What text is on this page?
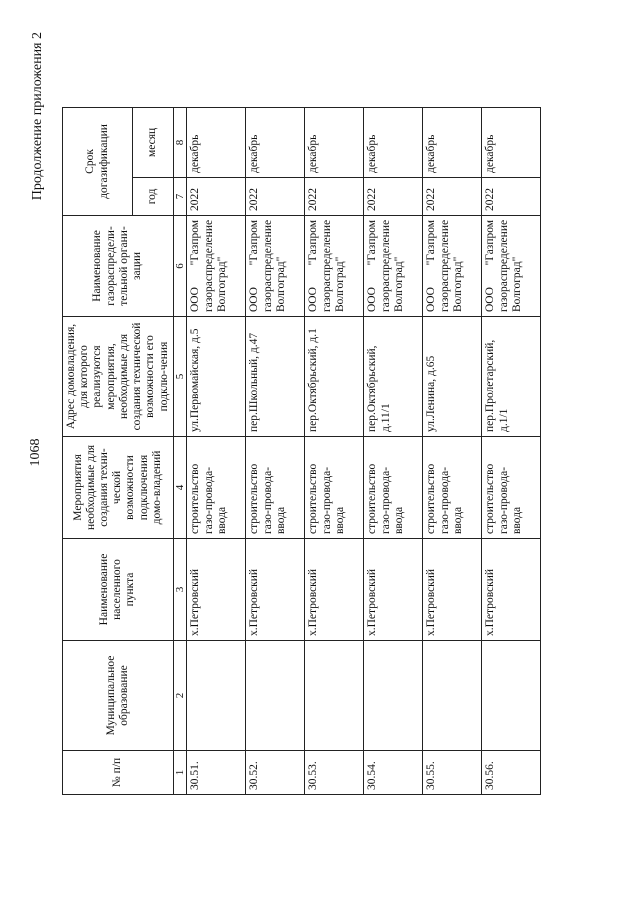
1068
Продолжение приложения 2
№ п/п	Муниципальное образование	Наименование населенного пункта	Мероприятия необходимые для создания техни-ческой возможности подключения домо-владений	Адрес домовладения, для которого реализуются мероприятия, необходимые для создания технической возможности его подклю-чения	Наименование газораспредели-тельной органи-зации	Срок догазификации	
						год	месяц
1	2	3	4	5	6	7	8
30.51.		х.Петровский	строительство газо-провода-ввода	ул.Первомайская, д.5	ООО "Газпром газораспределение Волгоград"	2022	декабрь
30.52.		х.Петровский	строительство газо-провода-ввода	пер.Школьный, д.47	ООО "Газпром газораспределение Волгоград"	2022	декабрь
30.53.		х.Петровский	строительство газо-провода-ввода	пер.Октябрьский, д.1	ООО "Газпром газораспределение Волгоград"	2022	декабрь
30.54.		х.Петровский	строительство газо-провода-ввода	пер.Октябрьский, д.11/1	ООО "Газпром газораспределение Волгоград"	2022	декабрь
30.55.		х.Петровский	строительство газо-провода-ввода	ул.Ленина, д.65	ООО "Газпром газораспределение Волгоград"	2022	декабрь
30.56.		х.Петровский	строительство газо-провода-ввода	пер.Пролетарский, д.1/1	ООО "Газпром газораспределение Волгоград"	2022	декабрь
